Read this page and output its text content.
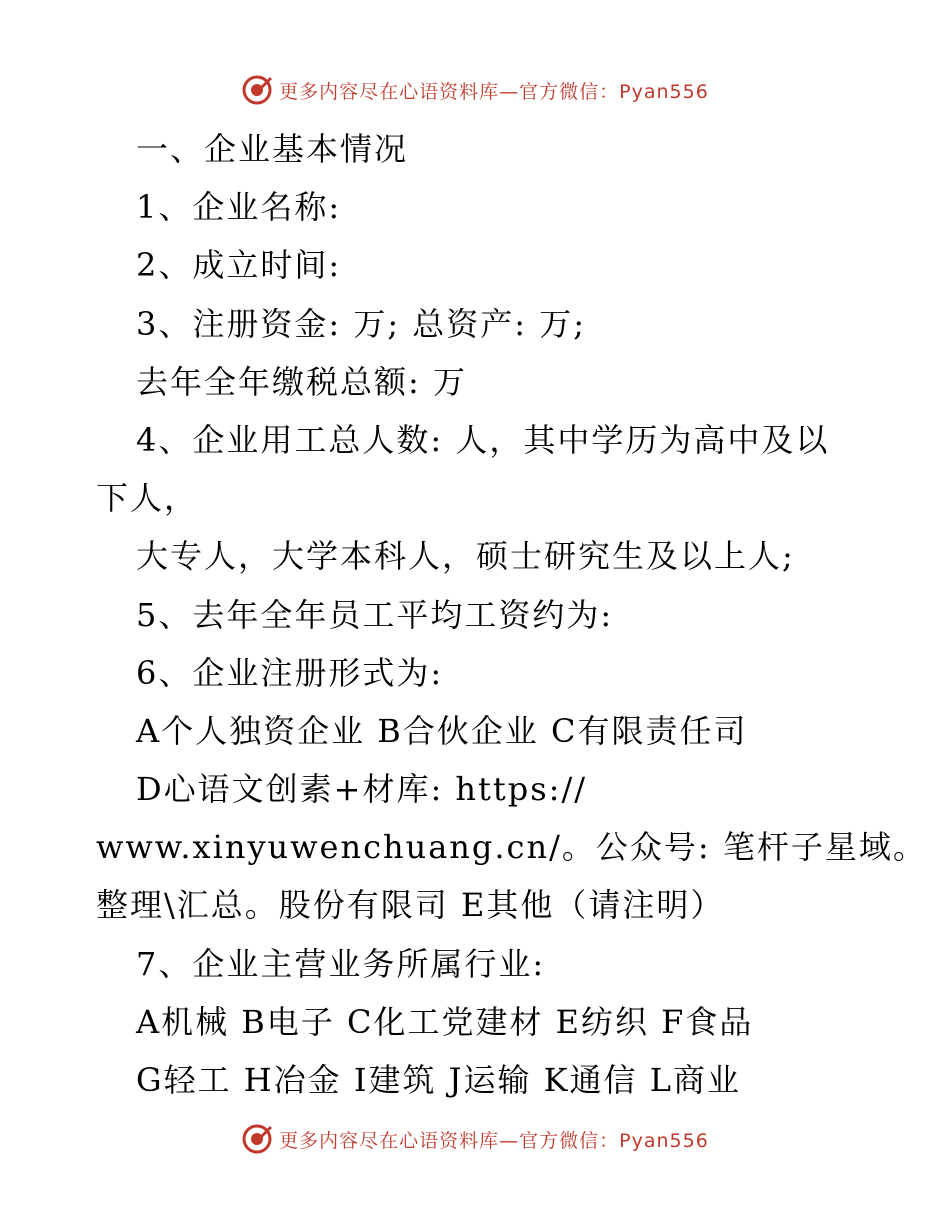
更多内容尽在心语资料库—官方微信：Pyan556
一、企业基本情况
1、企业名称:
2、成立时间:
3、注册资金: 万; 总资产: 万;
去年全年缴税总额: 万
4、企业用工总人数: 人，其中学历为高中及以
下人，
大专人，大学本科人，硕士研究生及以上人;
5、去年全年员工平均工资约为:
6、企业注册形式为:
A个人独资企业 B合伙企业 C有限责任司
D心语文创素+材库: https://
www.xinyuwenchuang.cn/。公众号: 笔杆子星域。
整理\汇总。股份有限司 E其他（请注明）
7、企业主营业务所属行业:
A机械 B电子 C化工党建材 E纺织 F食品
G轻工 H冶金 I建筑 J运输 K通信 L商业
更多内容尽在心语资料库—官方微信：Pyan556
